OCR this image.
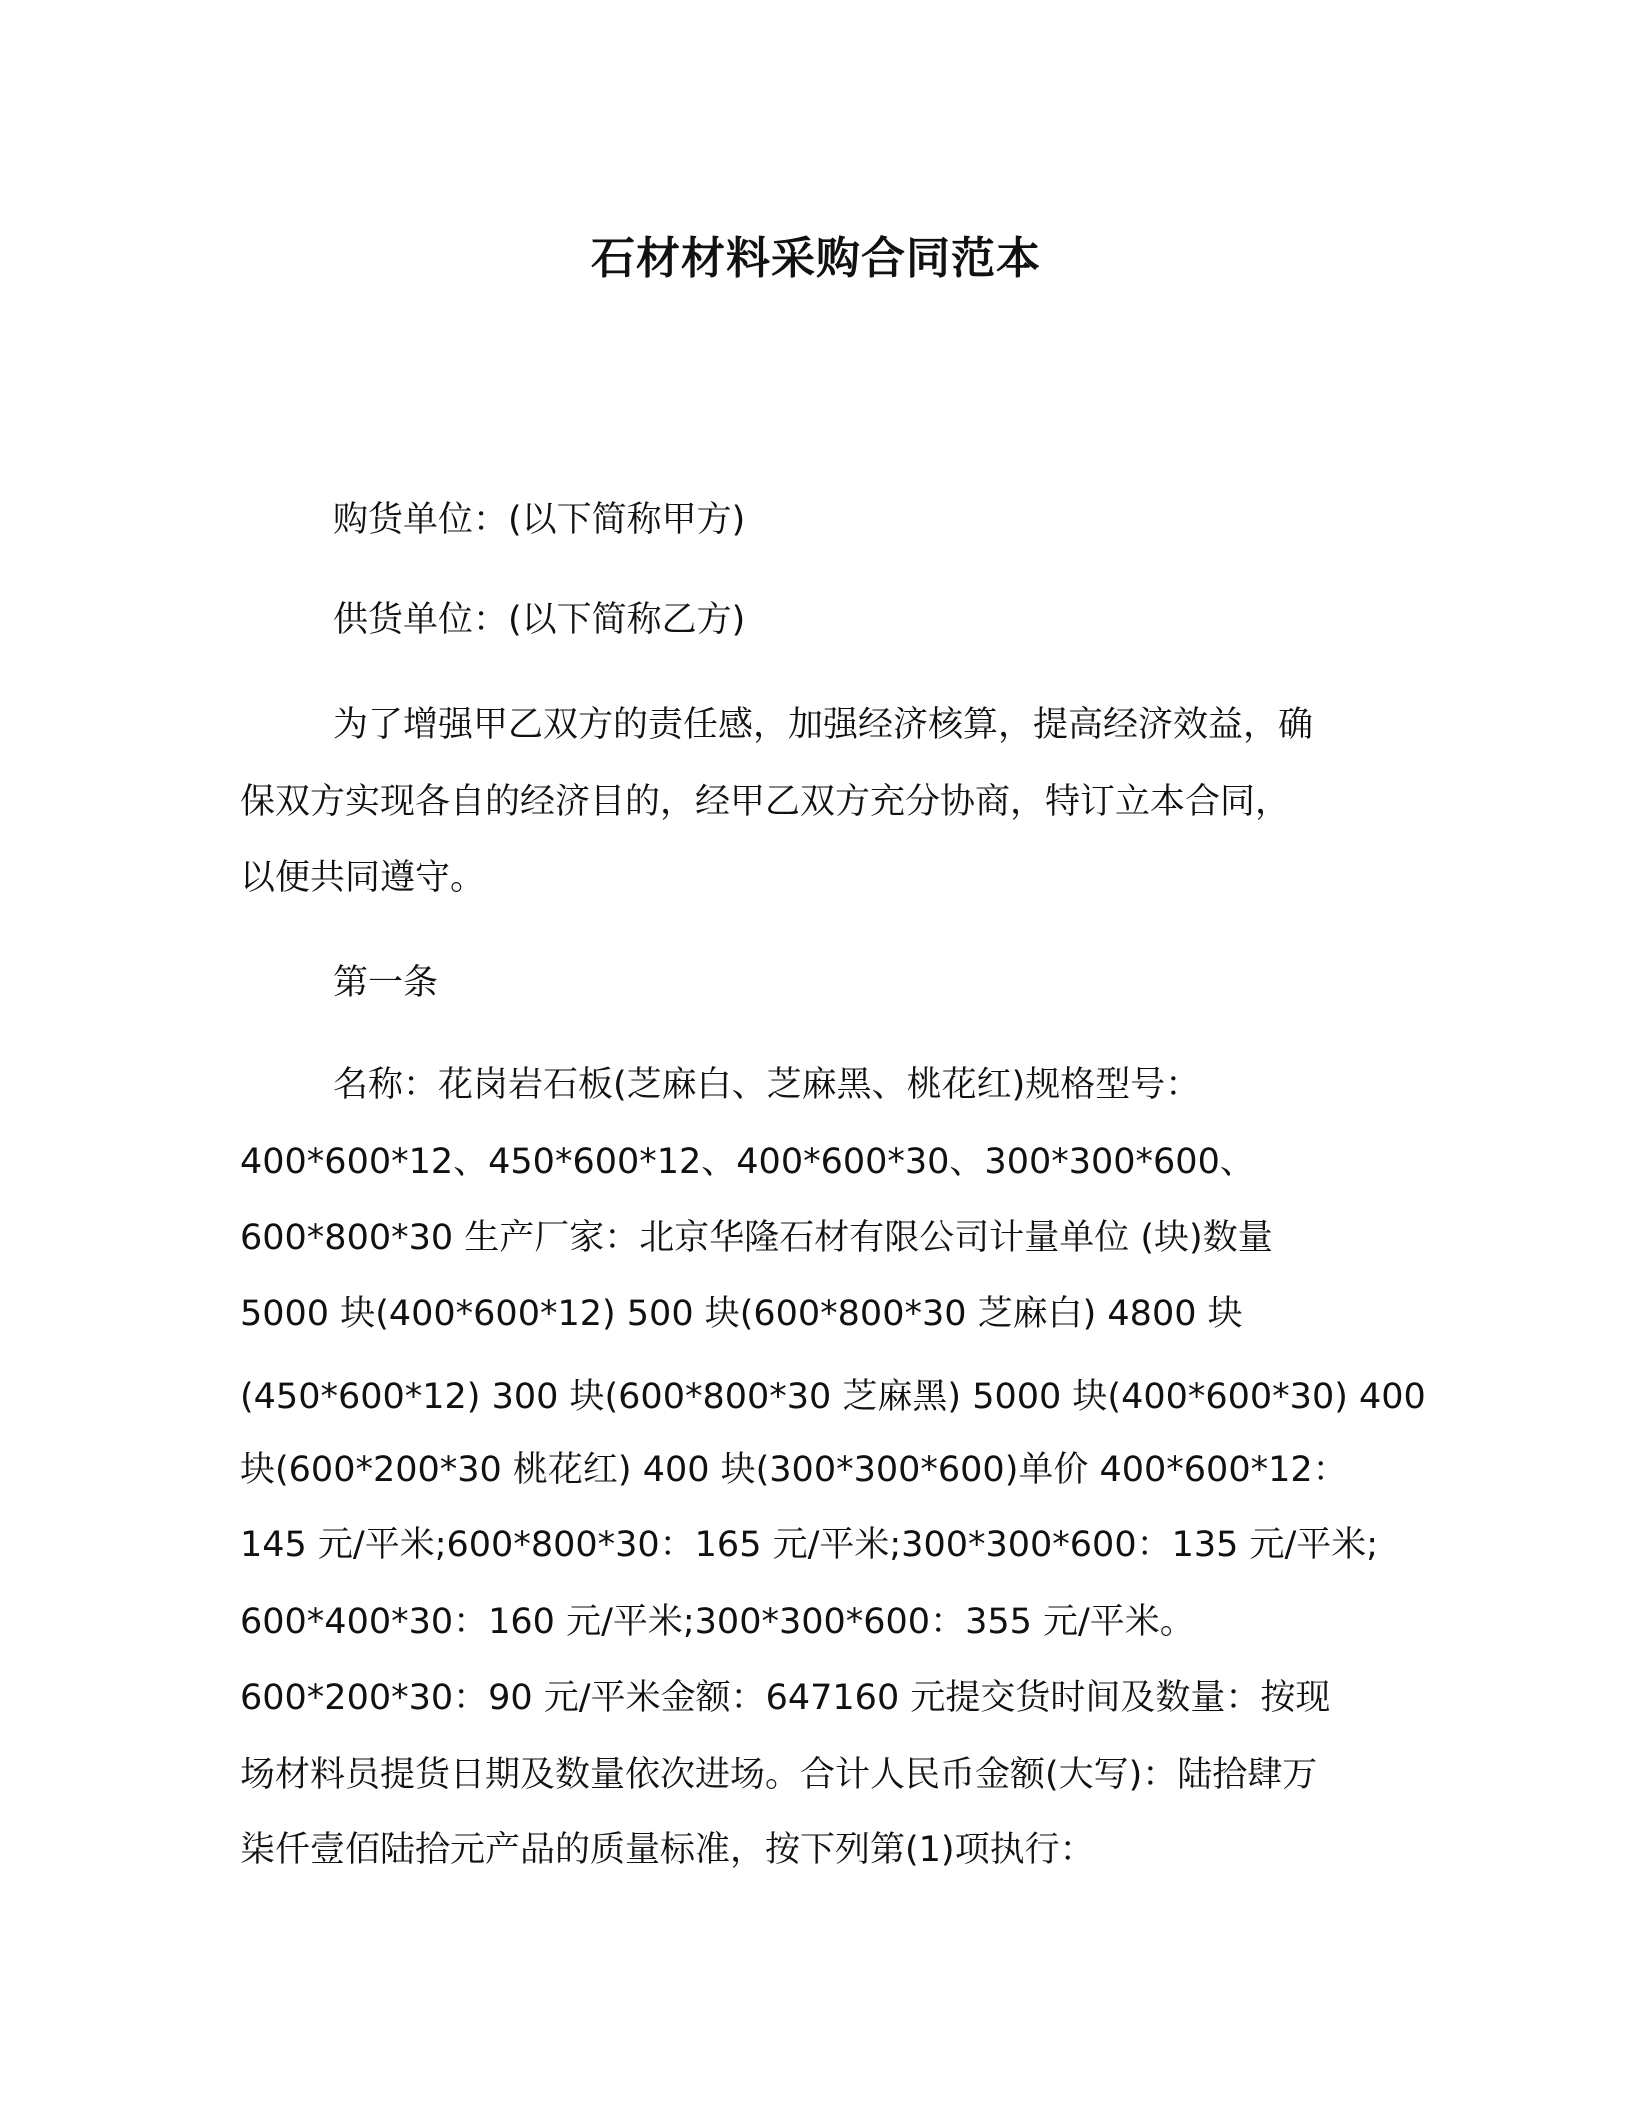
石材材料采购合同范本
购货单位：(以下简称甲方)
供货单位：(以下简称乙方)
为了增强甲乙双方的责任感，加强经济核算，提高经济效益，确
保双方实现各自的经济目的，经甲乙双方充分协商，特订立本合同，
以便共同遵守。
第一条
名称：花岗岩石板(芝麻白、芝麻黑、桃花红)规格型号：
400*600*12、450*600*12、400*600*30、300*300*600、
600*800*30 生产厂家：北京华隆石材有限公司计量单位 (块)数量
5000 块(400*600*12) 500 块(600*800*30 芝麻白) 4800 块
(450*600*12) 300 块(600*800*30 芝麻黑) 5000 块(400*600*30) 400
块(600*200*30 桃花红) 400 块(300*300*600)单价 400*600*12：
145 元/平米;600*800*30：165 元/平米;300*300*600：135 元/平米;
600*400*30：160 元/平米;300*300*600：355 元/平米。
600*200*30：90 元/平米金额：647160 元提交货时间及数量：按现
场材料员提货日期及数量依次进场。合计人民币金额(大写)：陆拾肆万
柒仟壹佰陆拾元产品的质量标准，按下列第(1)项执行：
